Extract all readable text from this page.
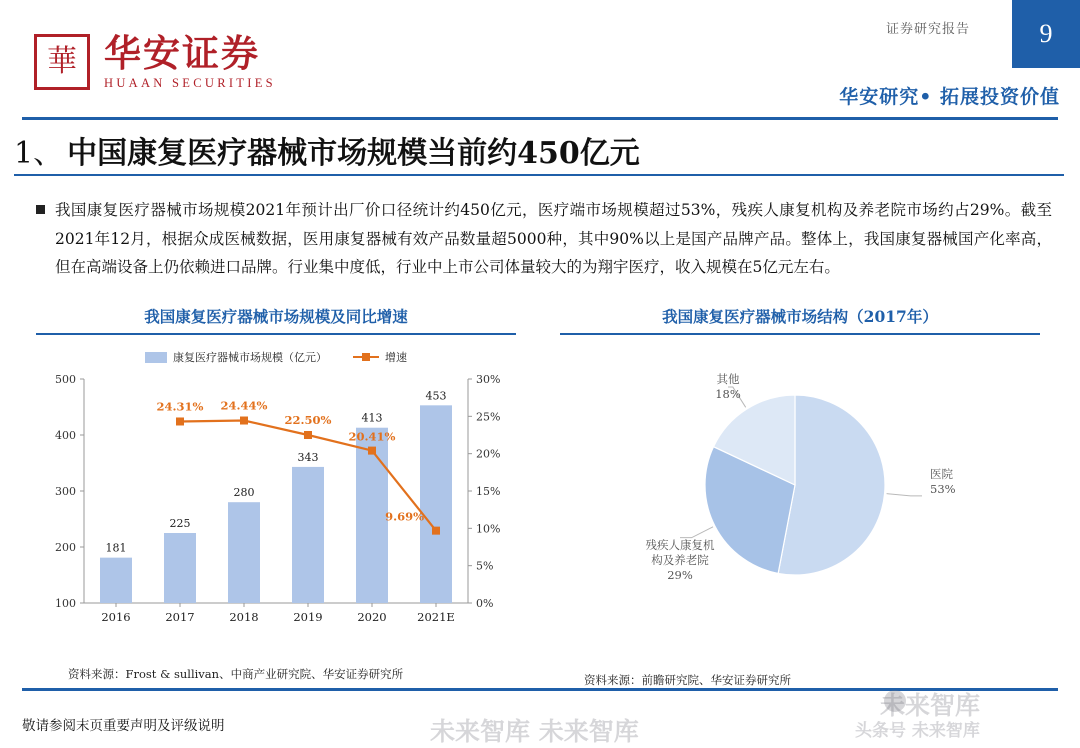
证券研究报告	9
華 华安证券
HUAAN SECURITIES
华安研究• 拓展投资价值
1、 中国康复医疗器械市场规模当前约450亿元
我国康复医疗器械市场规模2021年预计出厂价口径统计约450亿元，医疗端市场规模超过53%，残疾人康复机构及养老院市场约占29%。截至2021年12月，根据众成医械数据，医用康复器械有效产品数量超5000种，其中90%以上是国产品牌产品。整体上，我国康复器械国产化率高，但在高端设备上仍依赖进口品牌。行业集中度低，行业中上市公司体量较大的为翔宇医疗，收入规模在5亿元左右。
我国康复医疗器械市场规模及同比增速
康复医疗器械市场规模（亿元）	增速
100
200
300
400
500
0%
5%
10%
15%
20%
25%
30%
181
2016
225
2017
280
2018
343
2019
413
2020
453
2021E
24.31% 24.44%
22.50%
20.41%
9.69%
资料来源：Frost & sullivan、中商产业研究院、华安证券研究所
我国康复医疗器械市场结构（2017年）
医院
53%
残疾人康复机
构及养老院
29%
其他
18%
资料来源：前瞻研究院、华安证券研究所
敬请参阅末页重要声明及评级说明
未来智库
头条号 未来智库
未来智库 未来智库
